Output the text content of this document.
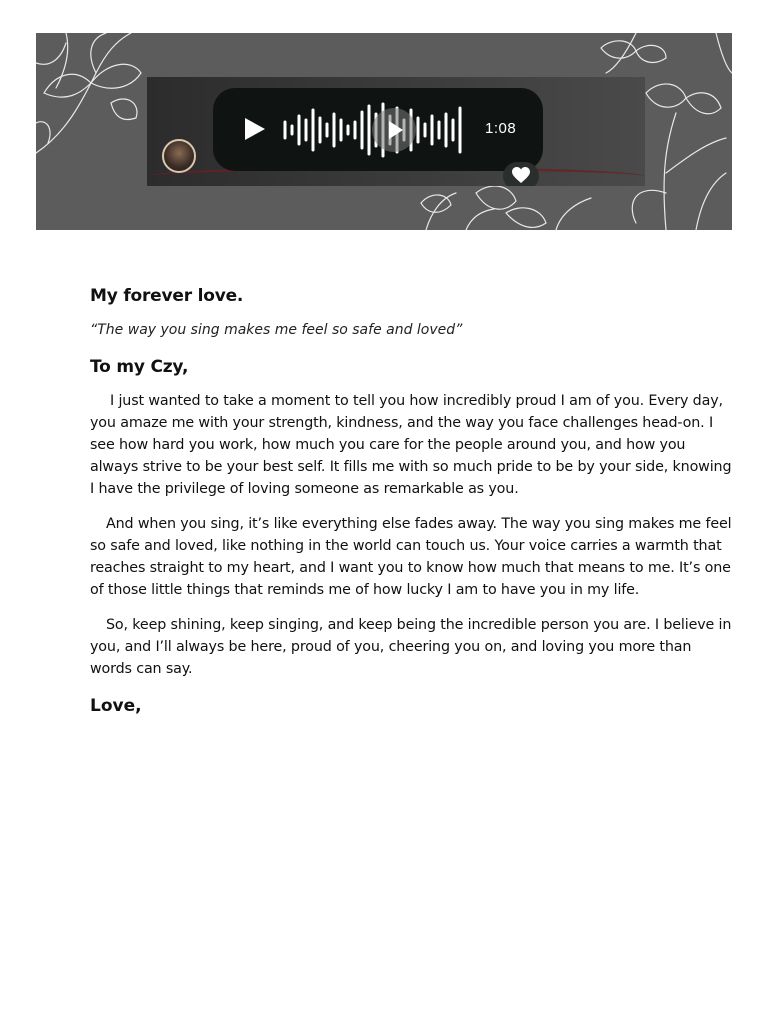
1:08
My forever love.
“The way you sing makes me feel so safe and loved”
To my Czy,

I just wanted to take a moment to tell you how incredibly proud I am of you. Every day, you amaze me with your strength, kindness, and the way you face challenges head-on. I see how hard you work, how much you care for the people around you, and how you always strive to be your best self. It fills me with so much pride to be by your side, knowing I have the privilege of loving someone as remarkable as you.

And when you sing, it’s like everything else fades away. The way you sing makes me feel so safe and loved, like nothing in the world can touch us. Your voice carries a warmth that reaches straight to my heart, and I want you to know how much that means to me. It’s one of those little things that reminds me of how lucky I am to have you in my life.

So, keep shining, keep singing, and keep being the incredible person you are. I believe in you, and I’ll always be here, proud of you, cheering you on, and loving you more than words can say.

Love,
